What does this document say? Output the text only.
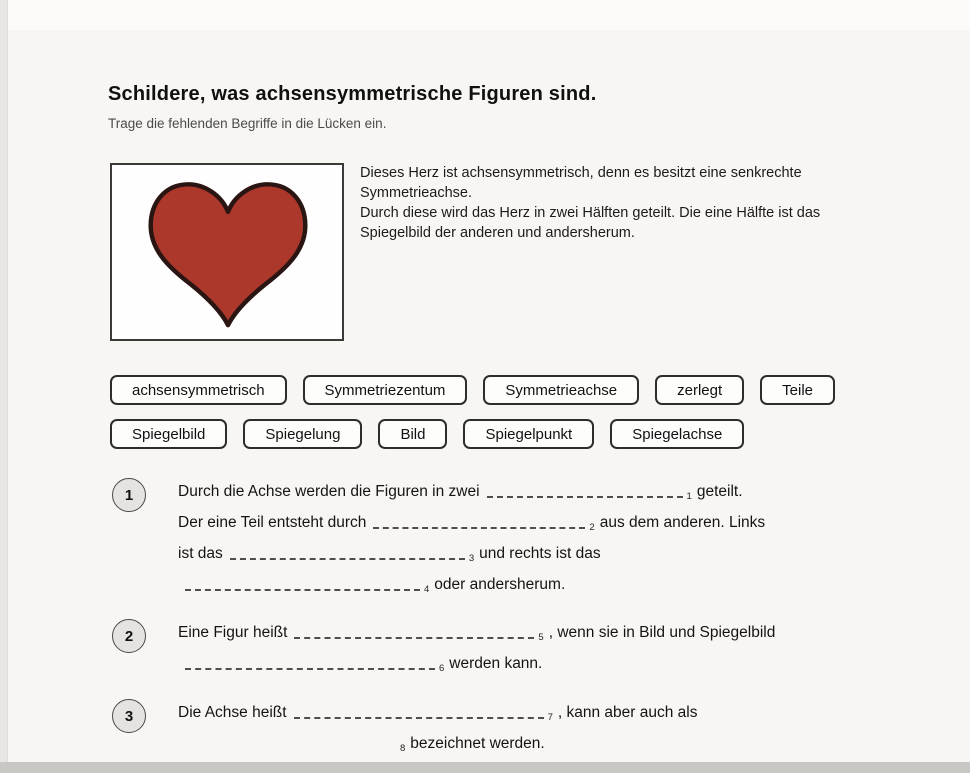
Schildere, was achsensymmetrische Figuren sind.
Trage die fehlenden Begriffe in die Lücken ein.
Dieses Herz ist achsensymmetrisch, denn es besitzt eine senkrechte
Symmetrieachse.
Durch diese wird das Herz in zwei Hälften geteilt. Die eine Hälfte ist das
Spiegelbild der anderen und andersherum.
achsensymmetrisch	Symmetriezentum	Symmetrieachse	zerlegt	Teile
Spiegelbild	Spiegelung	Bild	Spiegelpunkt	Spiegelachse
1	Durch die Achse werden die Figuren in zwei	1 geteilt.
Der eine Teil entsteht durch	2 aus dem anderen. Links
ist das	3 und rechts ist das
4 oder andersherum.
2	Eine Figur heißt	5 , wenn sie in Bild und Spiegelbild
6 werden kann.
3	Die Achse heißt	7 , kann aber auch als
8 bezeichnet werden.
